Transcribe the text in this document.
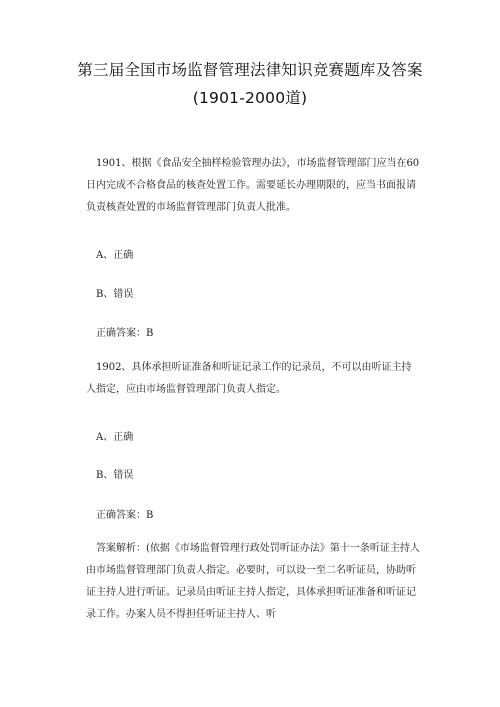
第三届全国市场监督管理法律知识竞赛题库及答案
(1901-2000道)

1901、根据《食品安全抽样检验管理办法》，市场监督管理部门应当在60日内完成不合格食品的核查处置工作。需要延长办理期限的，应当书面报请负责核查处置的市场监督管理部门负责人批准。

A、正确
B、错误
正确答案：B

1902、具体承担听证准备和听证记录工作的记录员，不可以由听证主持人指定，应由市场监督管理部门负责人指定。

A、正确
B、错误
正确答案：B

答案解析：(依据《市场监督管理行政处罚听证办法》第十一条听证主持人由市场监督管理部门负责人指定。必要时，可以设一至二名听证员，协助听证主持人进行听证。记录员由听证主持人指定，具体承担听证准备和听证记录工作。办案人员不得担任听证主持人、听
